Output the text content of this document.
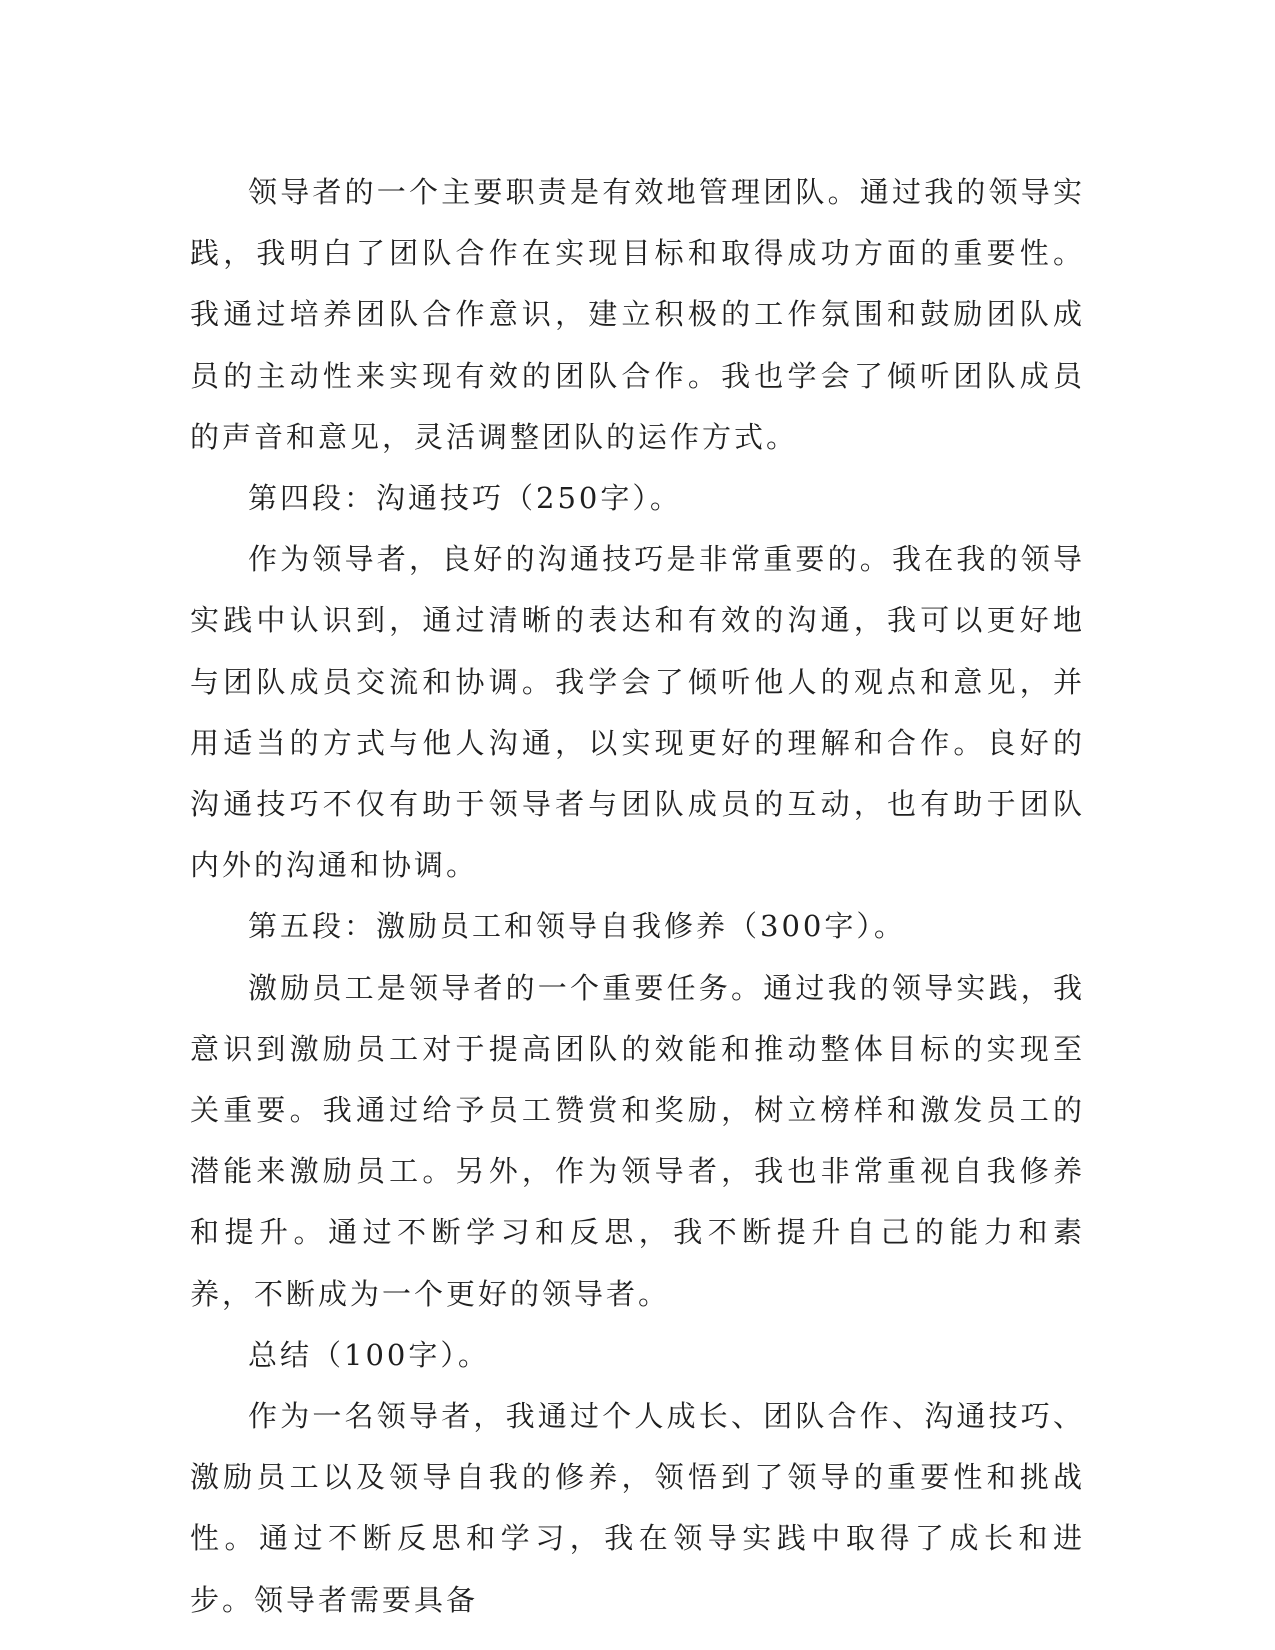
领导者的一个主要职责是有效地管理团队。通过我的领导实践，我明白了团队合作在实现目标和取得成功方面的重要性。我通过培养团队合作意识，建立积极的工作氛围和鼓励团队成员的主动性来实现有效的团队合作。我也学会了倾听团队成员的声音和意见，灵活调整团队的运作方式。

第四段：沟通技巧（250字）。

作为领导者，良好的沟通技巧是非常重要的。我在我的领导实践中认识到，通过清晰的表达和有效的沟通，我可以更好地与团队成员交流和协调。我学会了倾听他人的观点和意见，并用适当的方式与他人沟通，以实现更好的理解和合作。良好的沟通技巧不仅有助于领导者与团队成员的互动，也有助于团队内外的沟通和协调。

第五段：激励员工和领导自我修养（300字）。

激励员工是领导者的一个重要任务。通过我的领导实践，我意识到激励员工对于提高团队的效能和推动整体目标的实现至关重要。我通过给予员工赞赏和奖励，树立榜样和激发员工的潜能来激励员工。另外，作为领导者，我也非常重视自我修养和提升。通过不断学习和反思，我不断提升自己的能力和素养，不断成为一个更好的领导者。

总结（100字）。

作为一名领导者，我通过个人成长、团队合作、沟通技巧、激励员工以及领导自我的修养，领悟到了领导的重要性和挑战性。通过不断反思和学习，我在领导实践中取得了成长和进步。领导者需要具备
